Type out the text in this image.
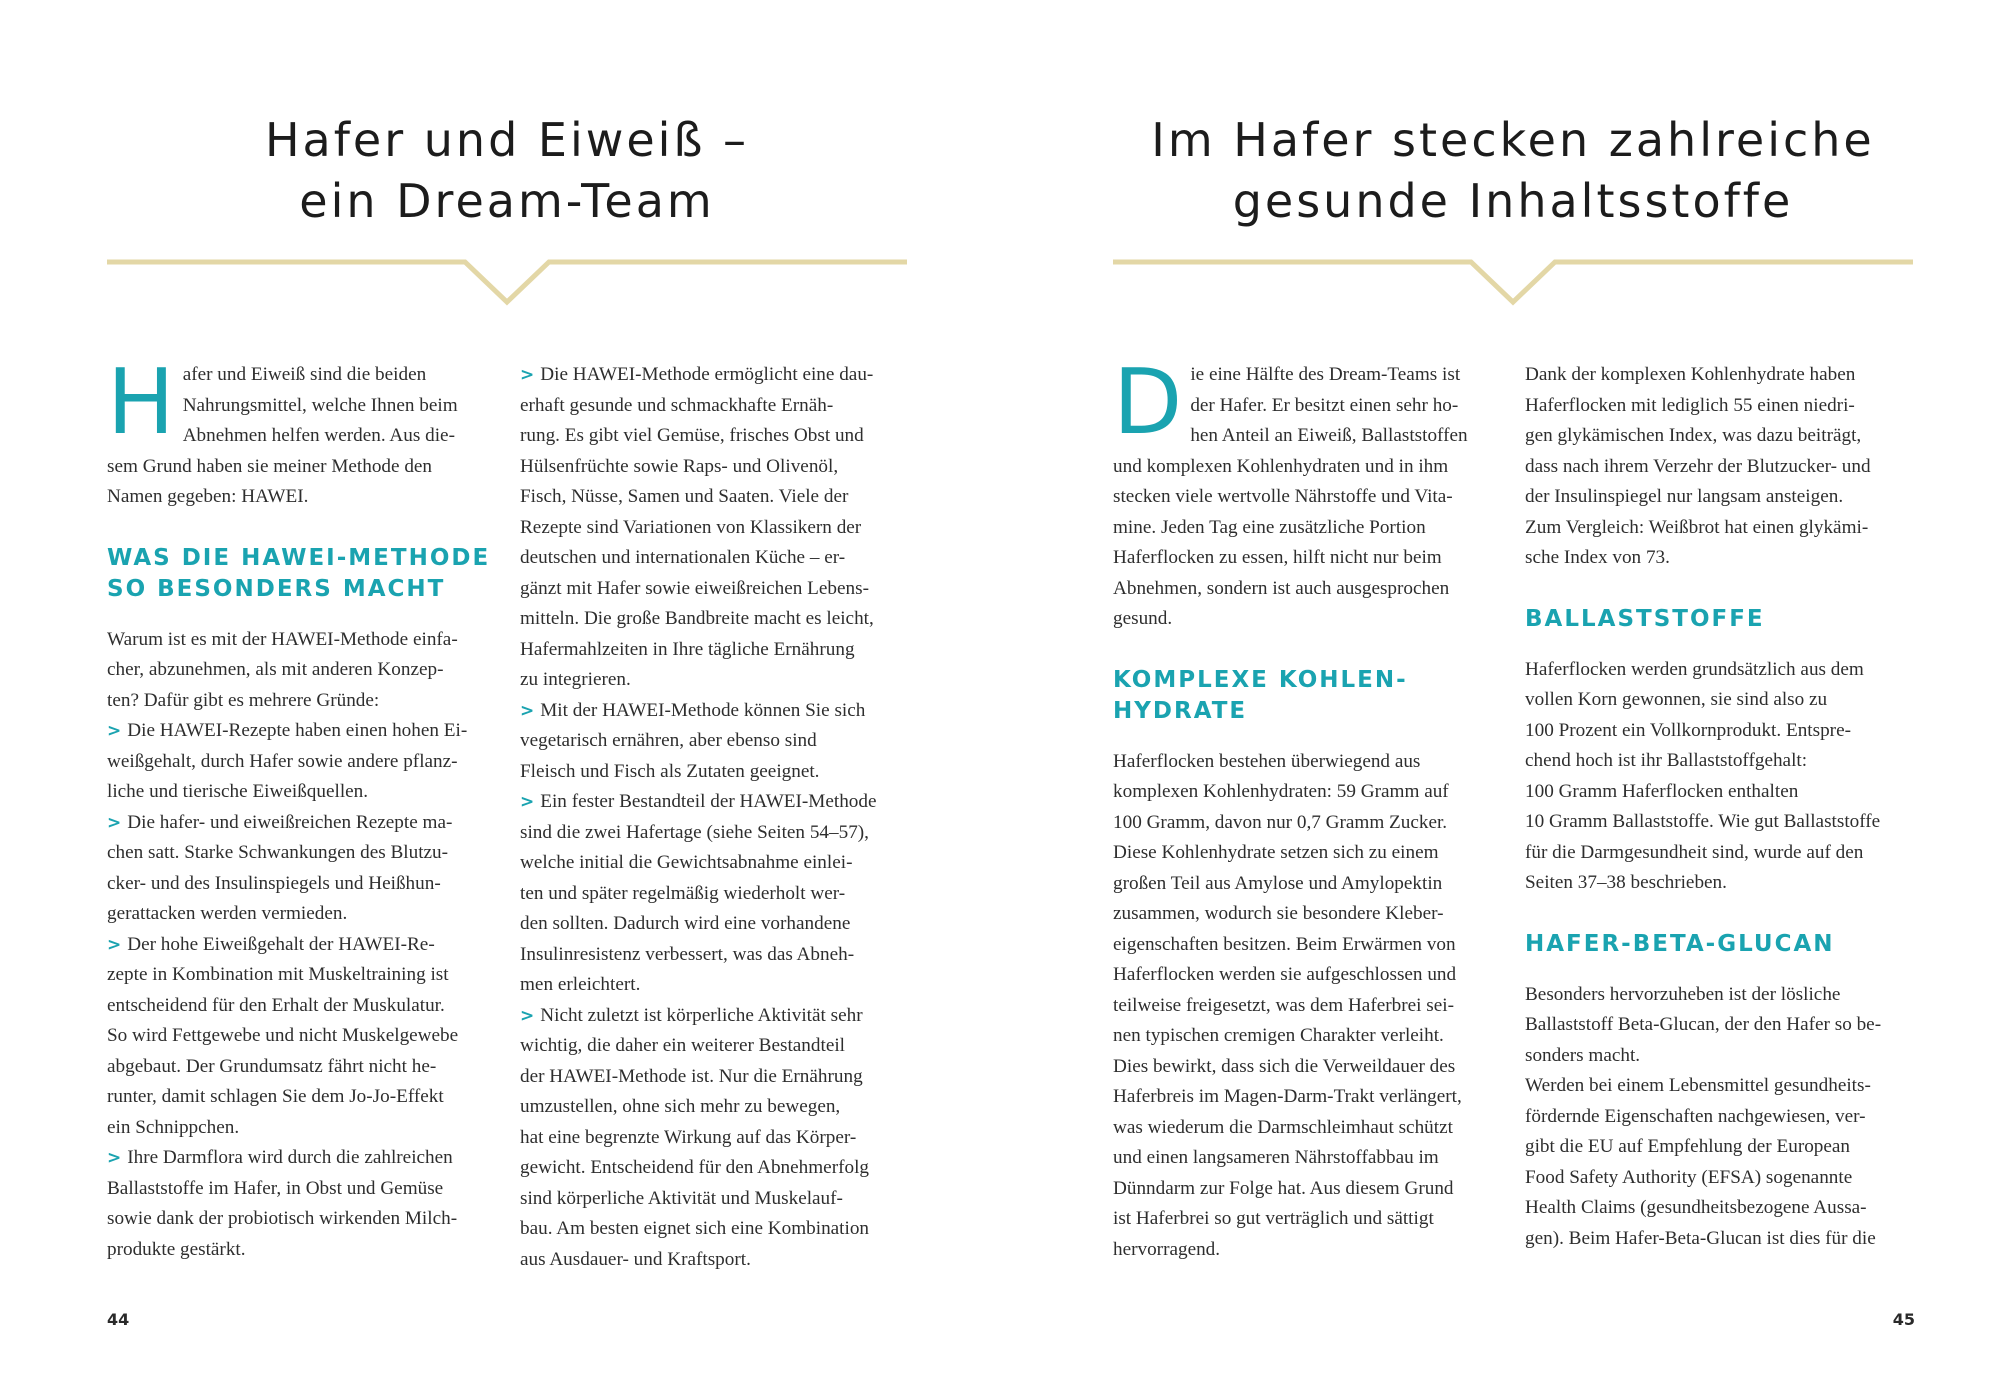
Hafer und Eiweiß –
ein Dream-Team
H afer und Eiweiß sind die beiden

Nahrungsmittel, welche Ihnen beim

Abnehmen helfen werden. Aus die-

sem Grund haben sie meiner Methode den

Namen gegeben: HAWEI.

WAS DIE HAWEI-METHODE
SO BESONDERS MACHT

Warum ist es mit der HAWEI-Methode einfa-

cher, abzunehmen, als mit anderen Konzep-

ten? Dafür gibt es mehrere Gründe:

> Die HAWEI-Rezepte haben einen hohen Ei-

weißgehalt, durch Hafer sowie andere pflanz-

liche und tierische Eiweißquellen.

> Die hafer- und eiweißreichen Rezepte ma-

chen satt. Starke Schwankungen des Blutzu-

cker- und des Insulinspiegels und Heißhun-

gerattacken werden vermieden.

> Der hohe Eiweißgehalt der HAWEI-Re-

zepte in Kombination mit Muskeltraining ist

entscheidend für den Erhalt der Muskulatur.

So wird Fettgewebe und nicht Muskelgewebe

abgebaut. Der Grundumsatz fährt nicht he-

runter, damit schlagen Sie dem Jo-Jo-Effekt

ein Schnippchen.

> Ihre Darmflora wird durch die zahlreichen

Ballaststoffe im Hafer, in Obst und Gemüse

sowie dank der probiotisch wirkenden Milch-

produkte gestärkt.

> Die HAWEI-Methode ermöglicht eine dau-

erhaft gesunde und schmackhafte Ernäh-

rung. Es gibt viel Gemüse, frisches Obst und

Hülsenfrüchte sowie Raps- und Olivenöl,

Fisch, Nüsse, Samen und Saaten. Viele der

Rezepte sind Variationen von Klassikern der

deutschen und internationalen Küche – er-

gänzt mit Hafer sowie eiweißreichen Lebens-

mitteln. Die große Bandbreite macht es leicht,

Hafermahlzeiten in Ihre tägliche Ernährung

zu integrieren.

> Mit der HAWEI-Methode können Sie sich

vegetarisch ernähren, aber ebenso sind

Fleisch und Fisch als Zutaten geeignet.

> Ein fester Bestandteil der HAWEI-Methode

sind die zwei Hafertage (siehe Seiten 54–57),

welche initial die Gewichtsabnahme einlei-

ten und später regelmäßig wiederholt wer-

den sollten. Dadurch wird eine vorhandene

Insulinresistenz verbessert, was das Abneh-

men erleichtert.

> Nicht zuletzt ist körperliche Aktivität sehr

wichtig, die daher ein weiterer Bestandteil

der HAWEI-Methode ist. Nur die Ernährung

umzustellen, ohne sich mehr zu bewegen,

hat eine begrenzte Wirkung auf das Körper-

gewicht. Entscheidend für den Abnehmerfolg

sind körperliche Aktivität und Muskelauf-

bau. Am besten eignet sich eine Kombination

aus Ausdauer- und Kraftsport.

44
Im Hafer stecken zahlreiche
gesunde Inhaltsstoffe
D ie eine Hälfte des Dream-Teams ist

der Hafer. Er besitzt einen sehr ho-

hen Anteil an Eiweiß, Ballaststoffen

und komplexen Kohlenhydraten und in ihm

stecken viele wertvolle Nährstoffe und Vita-

mine. Jeden Tag eine zusätzliche Portion

Haferflocken zu essen, hilft nicht nur beim

Abnehmen, sondern ist auch ausgesprochen

gesund.

KOMPLEXE KOHLEN-
HYDRATE

Haferflocken bestehen überwiegend aus

komplexen Kohlenhydraten: 59 Gramm auf

100 Gramm, davon nur 0,7 Gramm Zucker.

Diese Kohlenhydrate setzen sich zu einem

großen Teil aus Amylose und Amylopektin

zusammen, wodurch sie besondere Kleber-

eigenschaften besitzen. Beim Erwärmen von

Haferflocken werden sie aufgeschlossen und

teilweise freigesetzt, was dem Haferbrei sei-

nen typischen cremigen Charakter verleiht.

Dies bewirkt, dass sich die Verweildauer des

Haferbreis im Magen-Darm-Trakt verlängert,

was wiederum die Darmschleimhaut schützt

und einen langsameren Nährstoffabbau im

Dünndarm zur Folge hat. Aus diesem Grund

ist Haferbrei so gut verträglich und sättigt

hervorragend.

Dank der komplexen Kohlenhydrate haben

Haferflocken mit lediglich 55 einen niedri-

gen glykämischen Index, was dazu beiträgt,

dass nach ihrem Verzehr der Blutzucker- und

der Insulinspiegel nur langsam ansteigen.

Zum Vergleich: Weißbrot hat einen glykämi-

sche Index von 73.

BALLASTSTOFFE

Haferflocken werden grundsätzlich aus dem

vollen Korn gewonnen, sie sind also zu

100 Prozent ein Vollkornprodukt. Entspre-

chend hoch ist ihr Ballaststoffgehalt:

100 Gramm Haferflocken enthalten

10 Gramm Ballaststoffe. Wie gut Ballaststoffe

für die Darmgesundheit sind, wurde auf den

Seiten 37–38 beschrieben.

HAFER-BETA-GLUCAN

Besonders hervorzuheben ist der lösliche

Ballaststoff Beta-Glucan, der den Hafer so be-

sonders macht.

Werden bei einem Lebensmittel gesundheits-

fördernde Eigenschaften nachgewiesen, ver-

gibt die EU auf Empfehlung der European

Food Safety Authority (EFSA) sogenannte

Health Claims (gesundheitsbezogene Aussa-

gen). Beim Hafer-Beta-Glucan ist dies für die

45
